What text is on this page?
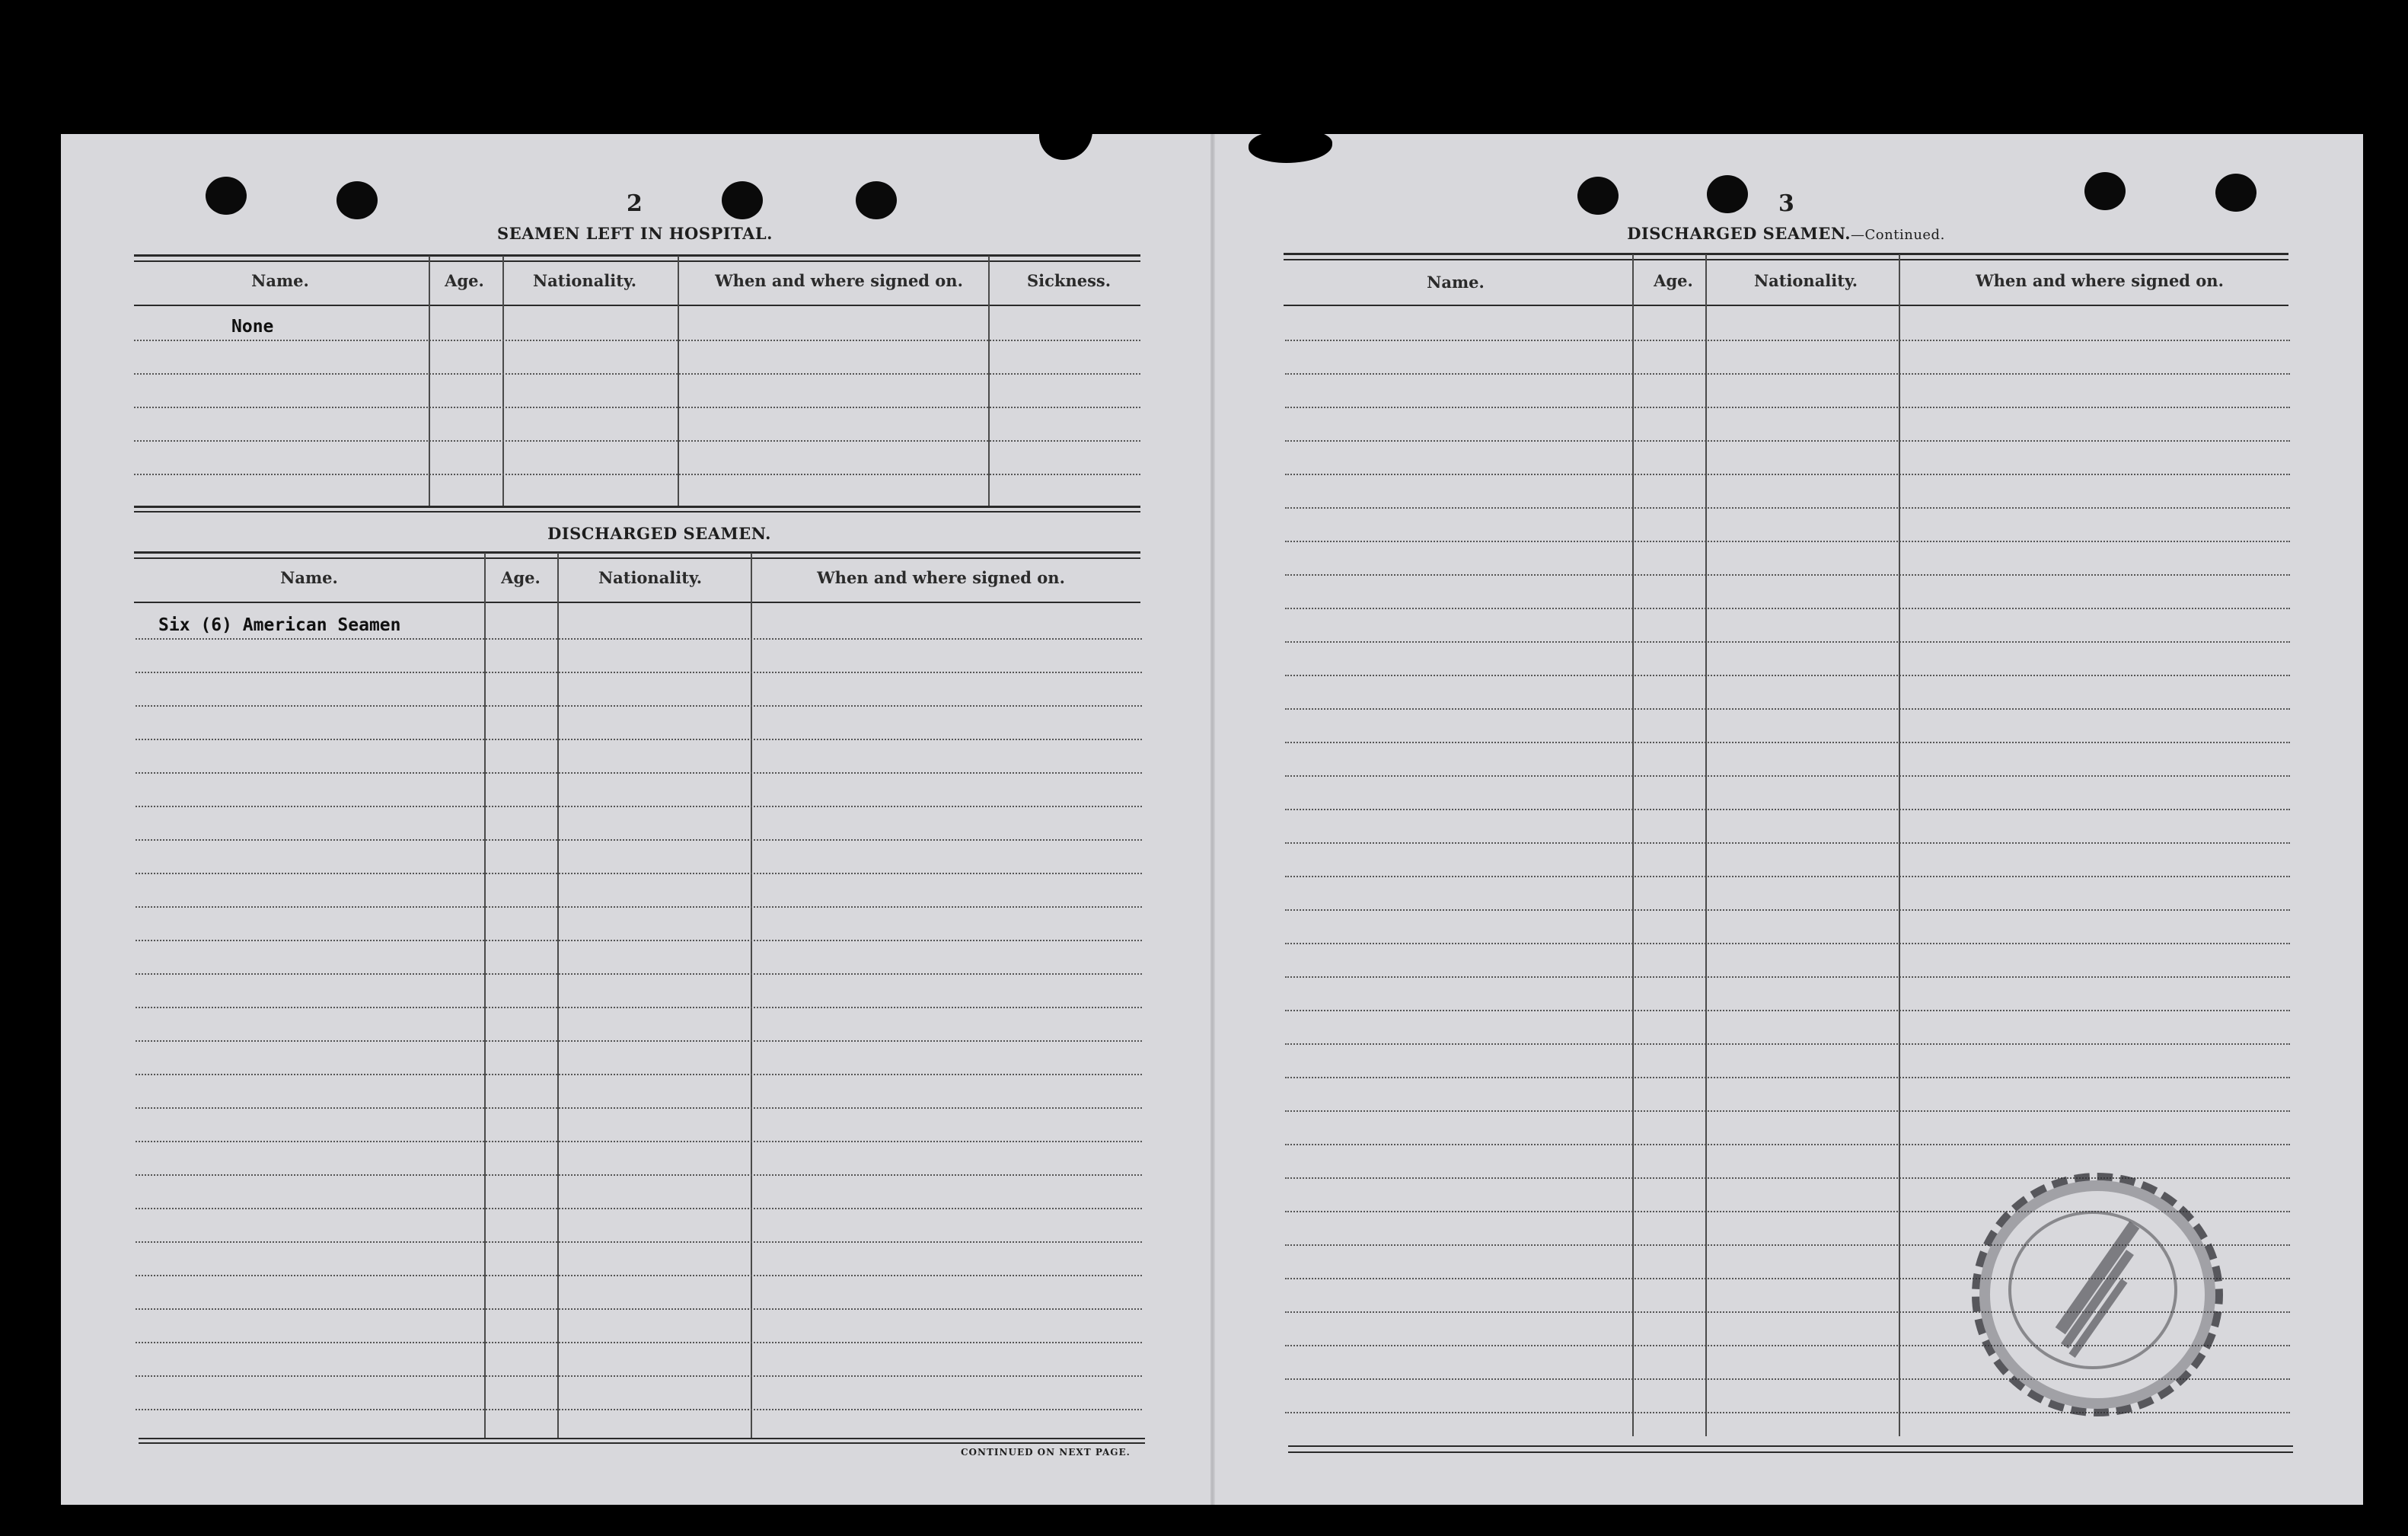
2
SEAMEN LEFT IN HOSPITAL.
Name.	Age.	Nationality.	When and where signed on.	Sickness.
None
DISCHARGED SEAMEN.
Name.	Age.	Nationality.	When and where signed on.
Six (6) American Seamen
CONTINUED ON NEXT PAGE.
3
DISCHARGED SEAMEN.—Continued.
Name.	Age.	Nationality.	When and where signed on.
